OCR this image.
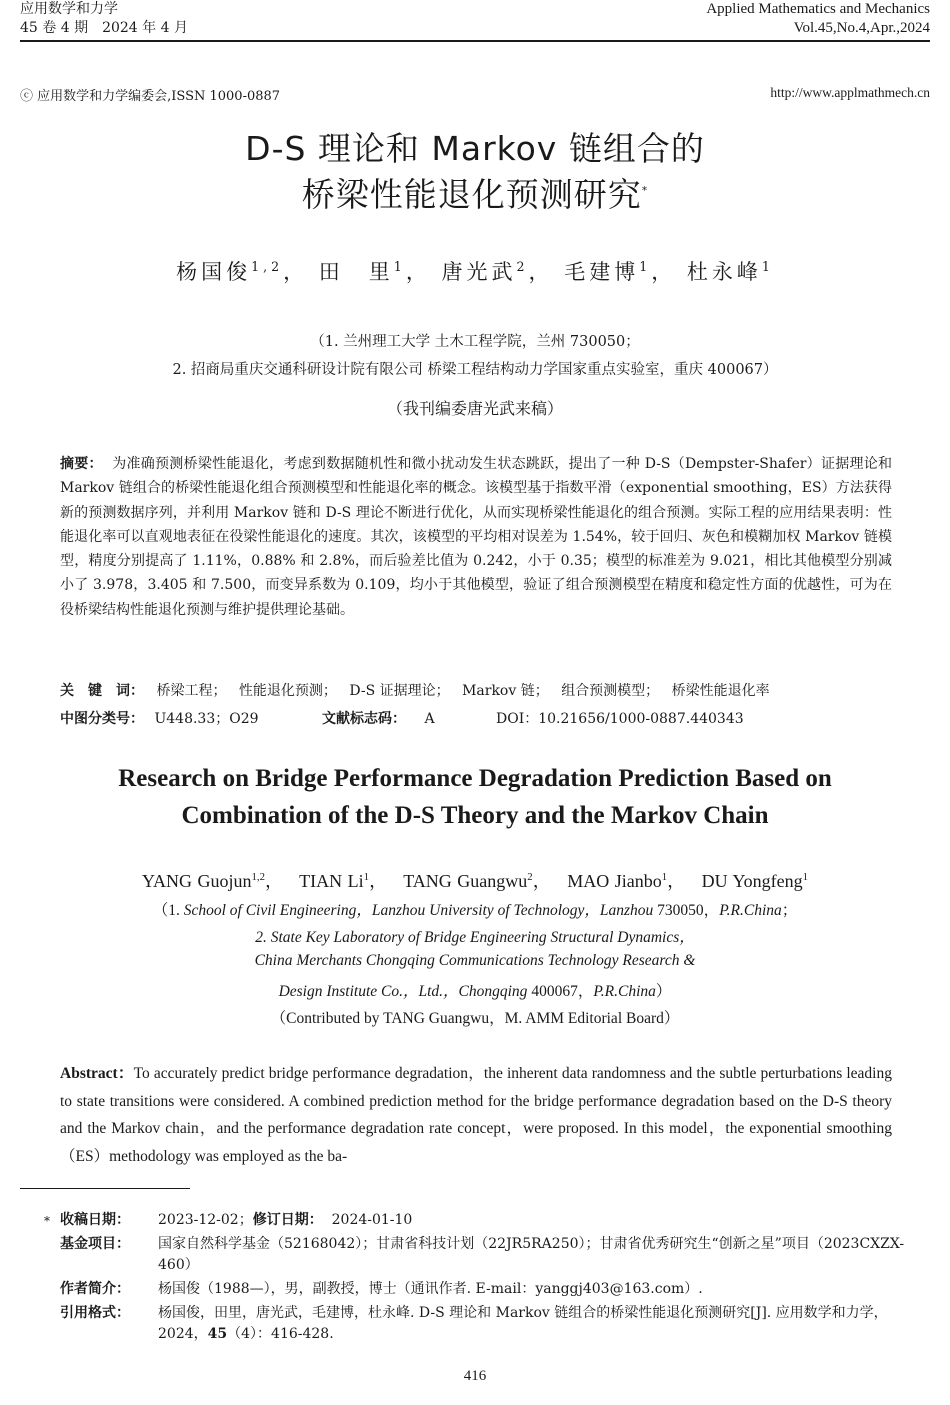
应用数学和力学
45 卷 4 期　2024 年 4 月
Applied Mathematics and Mechanics
Vol.45,No.4,Apr.,2024
ⓒ 应用数学和力学编委会,ISSN 1000-0887	http://www.applmathmech.cn
D-S 理论和 Markov 链组合的
桥梁性能退化预测研究*
杨国俊$^{1,2}$， 田　里$^1$， 唐光武$^2$， 毛建博$^1$， 杜永峰$^1$
（1. 兰州理工大学 土木工程学院，兰州 730050；
2. 招商局重庆交通科研设计院有限公司 桥梁工程结构动力学国家重点实验室，重庆 400067）
（我刊编委唐光武来稿）
摘要： 为准确预测桥梁性能退化，考虑到数据随机性和微小扰动发生状态跳跃，提出了一种 D-S（Dempster-Shafer）证据理论和 Markov 链组合的桥梁性能退化组合预测模型和性能退化率的概念。该模型基于指数平滑（exponential smoothing，ES）方法获得新的预测数据序列，并利用 Markov 链和 D-S 理论不断进行优化，从而实现桥梁性能退化的组合预测。实际工程的应用结果表明：性能退化率可以直观地表征在役梁性能退化的速度。其次，该模型的平均相对误差为 1.54%，较于回归、灰色和模糊加权 Markov 链模型，精度分别提高了 1.11%，0.88% 和 2.8%，而后验差比值为 0.242，小于 0.35；模型的标准差为 9.021，相比其他模型分别减小了 3.978，3.405 和 7.500，而变异系数为 0.109，均小于其他模型，验证了组合预测模型在精度和稳定性方面的优越性，可为在役桥梁结构性能退化预测与维护提供理论基础。
关　键　词： 桥梁工程； 性能退化预测； D-S 证据理论； Markov 链； 组合预测模型； 桥梁性能退化率
中图分类号： U448.33；O29	文献标志码： A	DOI：10.21656/1000-0887.440343
Research on Bridge Performance Degradation Prediction Based on
Combination of the D-S Theory and the Markov Chain
YANG Guojun$^{1,2}$， TIAN Li$^1$， TANG Guangwu$^2$， MAO Jianbo$^1$， DU Yongfeng$^1$
（1. School of Civil Engineering，Lanzhou University of Technology，Lanzhou 730050，P.R.China；
2. State Key Laboratory of Bridge Engineering Structural Dynamics，
China Merchants Chongqing Communications Technology Research &
Design Institute Co.，Ltd.，Chongqing 400067，P.R.China）
（Contributed by TANG Guangwu，M. AMM Editorial Board）
Abstract：To accurately predict bridge performance degradation，the inherent data randomness and the subtle perturbations leading to state transitions were considered. A combined prediction method for the bridge performance degradation based on the D-S theory and the Markov chain，and the performance degradation rate concept，were proposed. In this model，the exponential smoothing（ES）methodology was employed as the ba-
* 收稿日期：	2023-12-02；修订日期： 2024-01-10
基金项目：	国家自然科学基金（52168042）；甘肃省科技计划（22JR5RA250）；甘肃省优秀研究生“创新之星”项目（2023CXZX-460）
作者简介：	杨国俊（1988—），男，副教授，博士（通讯作者. E-mail：yanggj403@163.com）.
引用格式：	杨国俊，田里，唐光武，毛建博，杜永峰. D-S 理论和 Markov 链组合的桥梁性能退化预测研究[J]. 应用数学和力学，2024，45（4）：416-428.
416
